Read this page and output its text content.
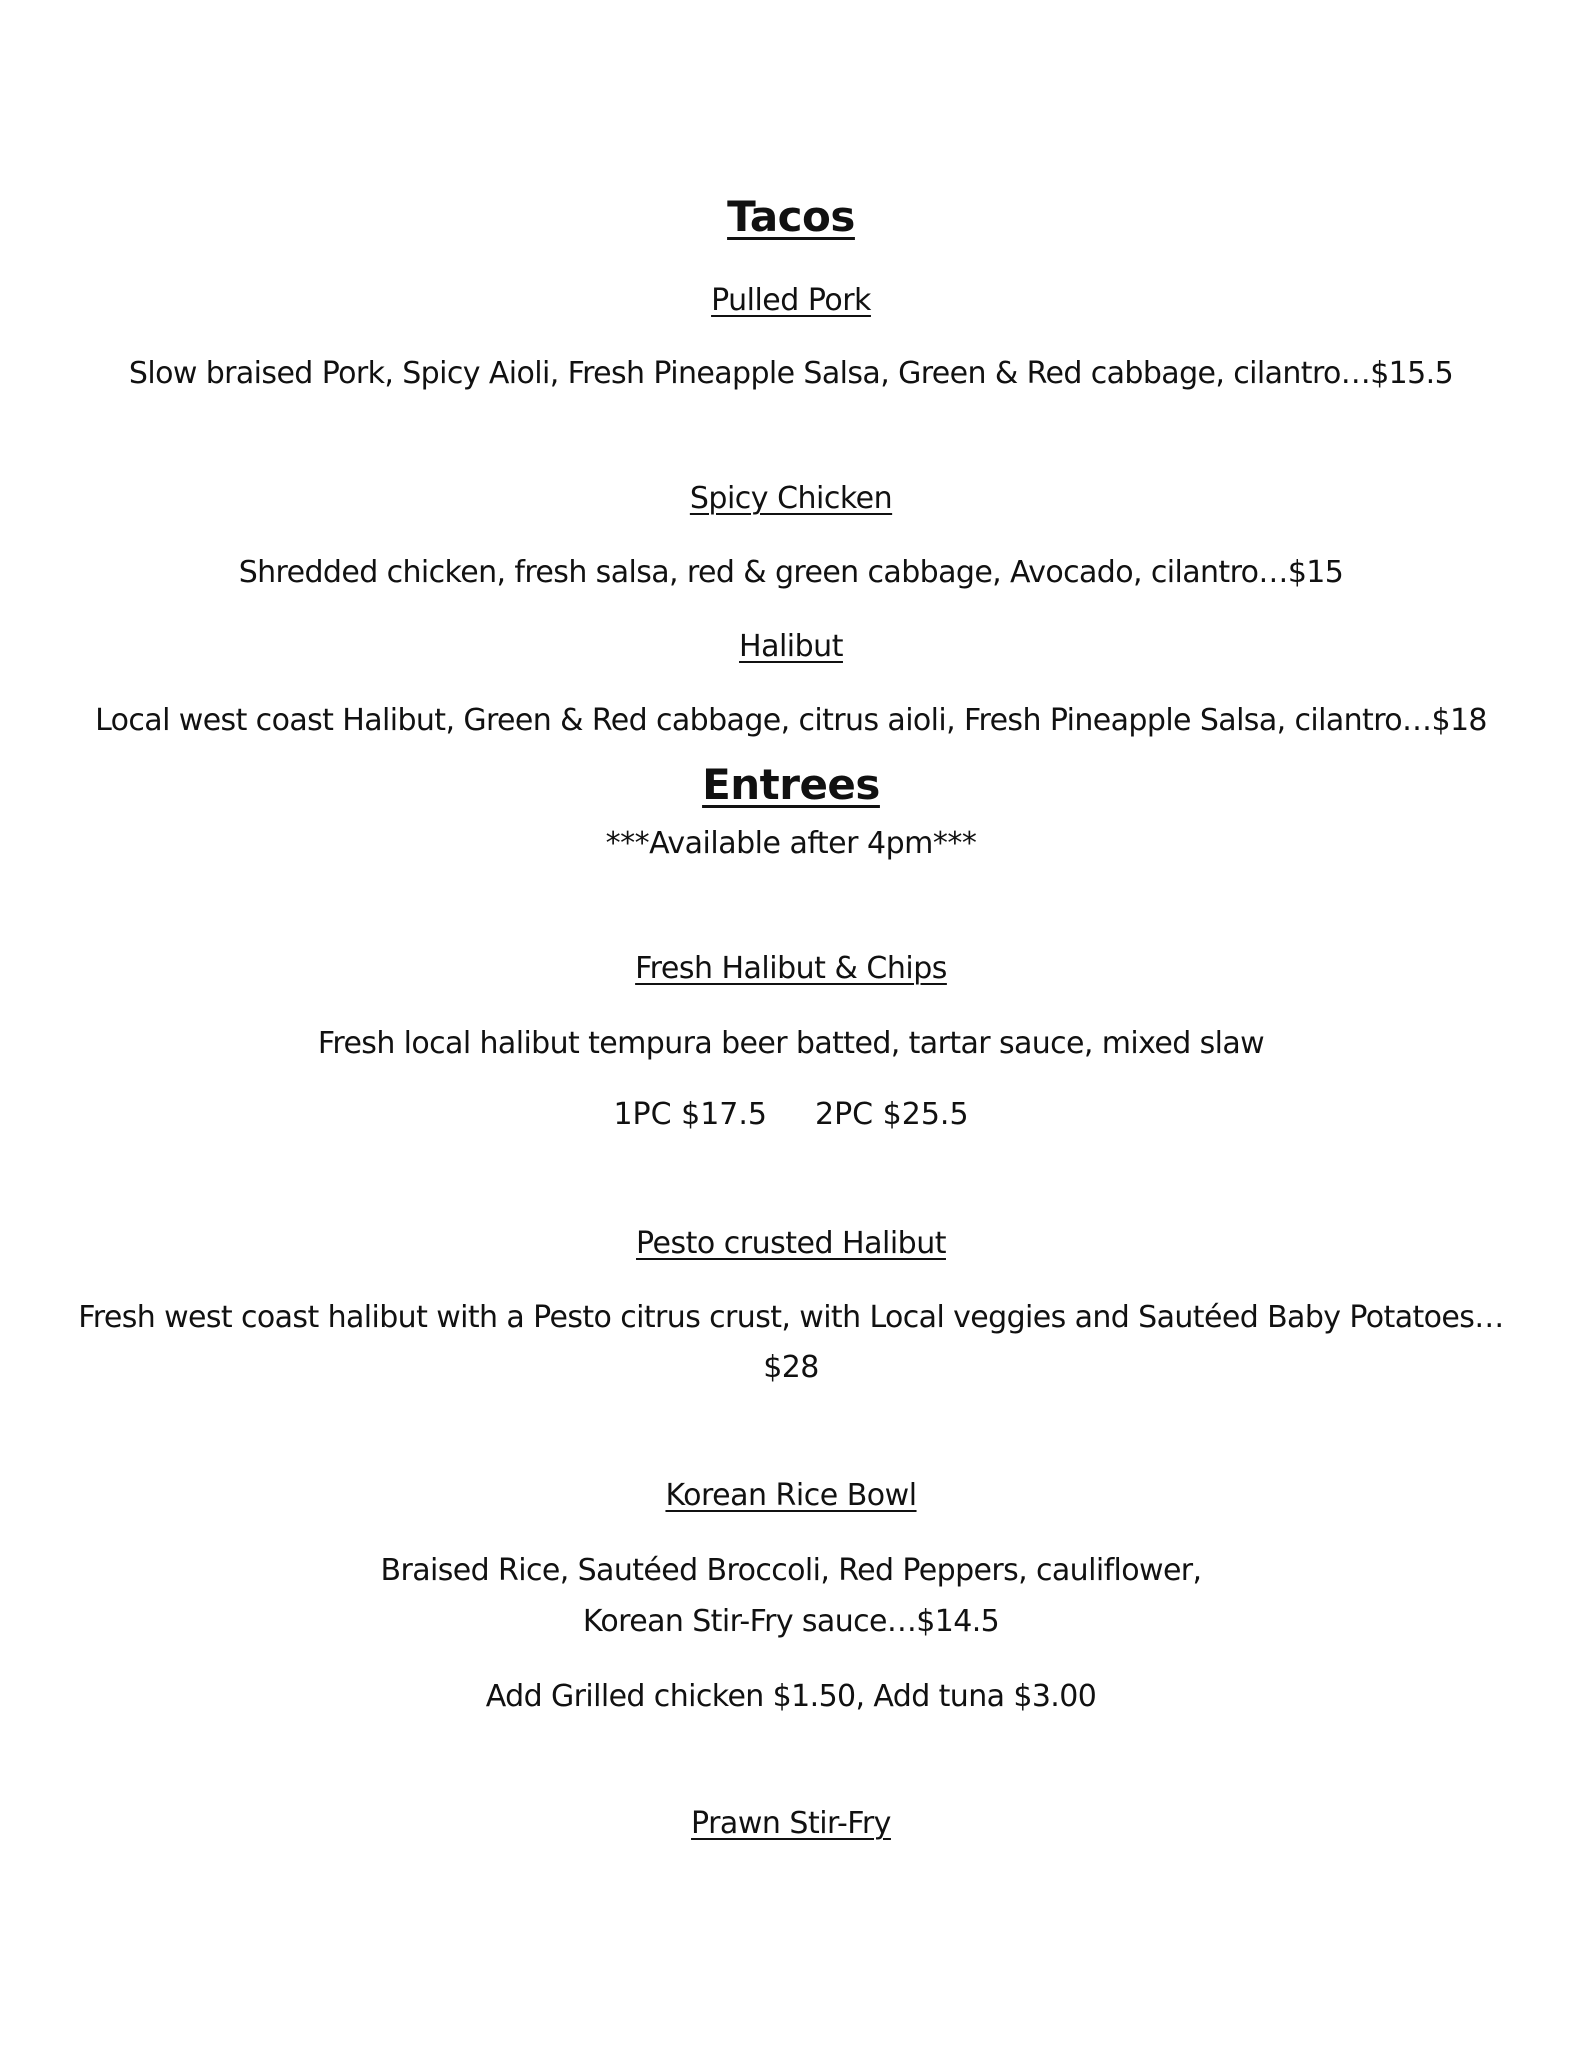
Tacos
Pulled Pork
Slow braised Pork, Spicy Aioli, Fresh Pineapple Salsa, Green & Red cabbage, cilantro…$15.5
Spicy Chicken
Shredded chicken, fresh salsa, red & green cabbage, Avocado, cilantro…$15
Halibut
Local west coast Halibut, Green & Red cabbage, citrus aioli, Fresh Pineapple Salsa, cilantro…$18
Entrees
***Available after 4pm***
Fresh Halibut & Chips
Fresh local halibut tempura beer batted, tartar sauce, mixed slaw
1PC $17.5 2PC $25.5
Pesto crusted Halibut
Fresh west coast halibut with a Pesto citrus crust, with Local veggies and Sautéed Baby Potatoes…
$28
Korean Rice Bowl
Braised Rice, Sautéed Broccoli, Red Peppers, cauliflower,
Korean Stir-Fry sauce…$14.5
Add Grilled chicken $1.50, Add tuna $3.00
Prawn Stir-Fry
